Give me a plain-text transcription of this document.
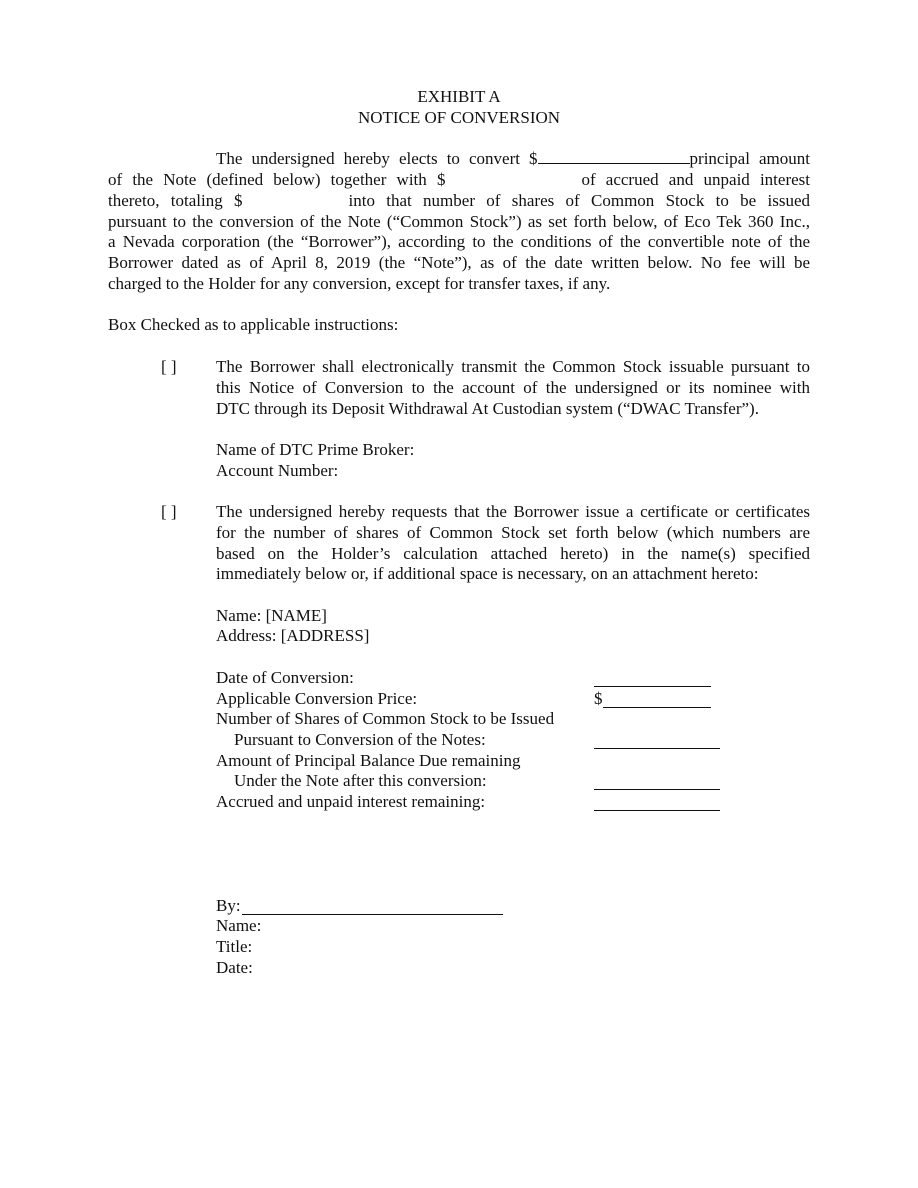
EXHIBIT A
NOTICE OF CONVERSION
The undersigned hereby elects to convert $	principal amount
of the Note (defined below) together with $	of accrued and unpaid interest
thereto, totaling $	into that number of shares of Common Stock to be issued
pursuant to the conversion of the Note (“Common Stock”) as set forth below, of Eco Tek 360 Inc.,
a Nevada corporation (the “Borrower”), according to the conditions of the convertible note of the
Borrower dated as of April 8, 2019 (the “Note”), as of the date written below. No fee will be
charged to the Holder for any conversion, except for transfer taxes, if any.
Box Checked as to applicable instructions:
[ ] The Borrower shall electronically transmit the Common Stock issuable pursuant to
this Notice of Conversion to the account of the undersigned or its nominee with
DTC through its Deposit Withdrawal At Custodian system (“DWAC Transfer”).
Name of DTC Prime Broker:
Account Number:
[ ] The undersigned hereby requests that the Borrower issue a certificate or certificates
for the number of shares of Common Stock set forth below (which numbers are
based on the Holder’s calculation attached hereto) in the name(s) specified
immediately below or, if additional space is necessary, on an attachment hereto:
Name: [NAME]
Address: [ADDRESS]
Date of Conversion:
Applicable Conversion Price:	$
Number of Shares of Common Stock to be Issued
Pursuant to Conversion of the Notes:
Amount of Principal Balance Due remaining
Under the Note after this conversion:
Accrued and unpaid interest remaining:
By:
Name:
Title:
Date:
